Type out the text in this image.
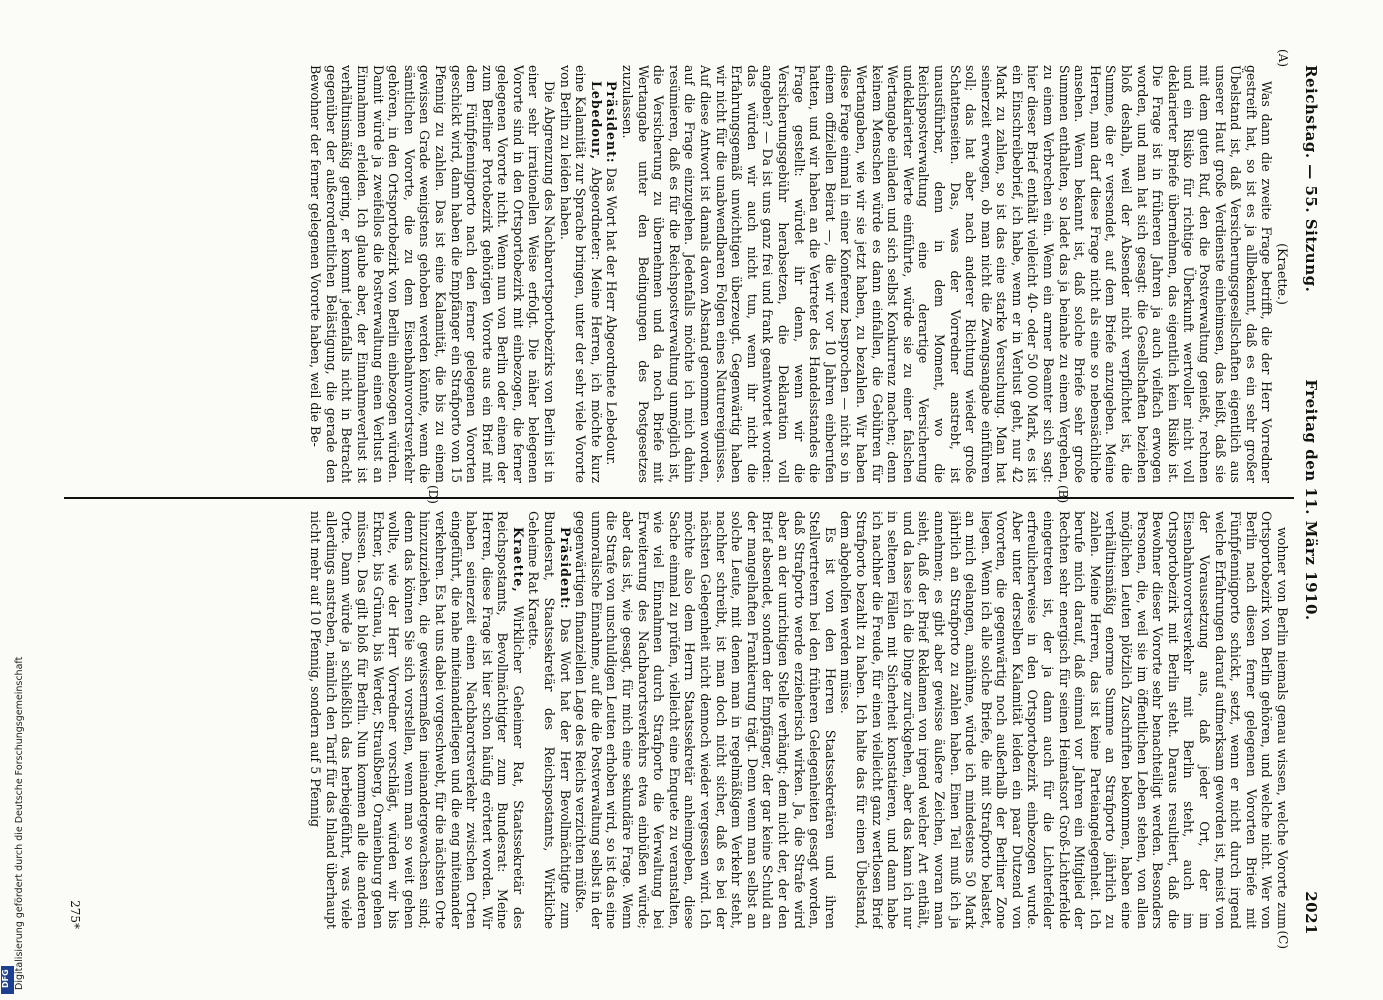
Digitalisierung gefördert durch die Deutsche Forschungsgemeinschaft
DFG
Reichstag. — 55. Sitzung.
Freitag den 11. März 1910.
2021
(A)
(C)

(Kraette.)

Was dann die zweite Frage betrifft, die der Herr Vorredner gestreift hat, so ist es ja allbekannt, daß es ein sehr großer Übelstand ist, daß Versicherungsgesellschaften eigentlich aus unserer Haut große Verdienste einheimsen, das heißt, daß sie mit dem guten Ruf, den die Postverwaltung genießt, rechnen und ein Risiko für richtige Überkunft wertvoller nicht voll deklarierter Briefe übernehmen, das eigentlich kein Risiko ist. Die Frage ist in früheren Jahren ja auch vielfach erwogen worden, und man hat sich gesagt: die Gesellschaften beziehen bloß deshalb, weil der Absender nicht verpflichtet ist, die Summe, die er versendet, auf dem Briefe anzugeben. Meine Herren, man darf diese Frage nicht als eine so nebensächliche ansehen. Wenn bekannt ist, daß solche Briefe sehr große Summen enthalten, so ladet das ja beinahe zu einem Vergehen, zu einem Verbrechen ein. Wenn ein armer Beamter sich sagt: hier dieser Brief enthält vielleicht 40- oder 50 000 Mark, es ist ein Einschreibebrief, ich habe, wenn er in Verlust geht, nur 42 Mark zu zahlen, so ist das eine starke Versuchung. Man hat seinerzeit erwogen, ob man nicht die Zwangsangabe einführen soll; das hat aber nach anderer Richtung wieder große Schattenseiten. Das, was der Vorredner anstrebt, ist unausführbar, denn in dem Moment, wo die Reichspostverwaltung eine derartige Versicherung undeklarierter Werte einführte, würde sie zu einer falschen Wertangabe einladen und sich selbst Konkurrenz machen; denn keinem Menschen würde es dann einfallen, die Gebühren für Wertangaben, wie wir sie jetzt haben, zu bezahlen. Wir haben diese Frage einmal in einer Konferenz besprochen — nicht so in einem offiziellen Beirat —, die wir vor 10 Jahren einberufen hatten, und wir haben an die Vertreter des Handelsstandes die Frage gestellt: würdet ihr denn, wenn wir die Versicherungsgebühr herabsetzen, die Deklaration voll angeben? — Da ist uns ganz frei und frank geantwortet worden: das würden wir auch nicht tun, wenn ihr nicht die Erfahrungsgemäß unwichtigen überzeugt. Gegenwärtig haben wir nicht für die unabwendbaren Folgen eines Naturereignisses. Auf diese Antwort ist damals davon Abstand genommen worden, auf die Frage einzugehen. Jedenfalls möchte ich mich dahin resümieren, daß es für die Reichspostverwaltung unmöglich ist, die Versicherung zu übernehmen und da noch Briefe mit Wertangabe unter den Bedingungen des Postgesetzes zuzulassen.

Präsident: Das Wort hat der Herr Abgeordnete Lebedour.

Lebedour, Abgeordneter: Meine Herren, ich möchte kurz eine Kalamität zur Sprache bringen, unter der sehr viele Vororte von Berlin zu leiden haben.

Die Abgrenzung des Nachbarortsportobezirks von Berlin ist in einer sehr irrationellen Weise erfolgt. Die näher belegenen Vororte sind in den Ortsportobezirk mit einbezogen, die ferner gelegenen Vororte nicht. Wenn nun von Berlin oder einem der zum Berliner Portobezirk gehörigen Vororte aus ein Brief mit dem Fünfpfennigporto nach den ferner gelegenen Vororten geschickt wird, dann haben die Empfänger ein Strafporto von 15 Pfennig zu zahlen. Das ist eine Kalamität, die bis zu einem gewissen Grade wenigstens gehoben werden könnte, wenn die sämtlichen Vororte, die zu dem Eisenbahnvorortsverkehr gehören, in den Ortsportobezirk von Berlin einbezogen würden. Damit würde ja zweifellos die Postverwaltung einen Verlust an Einnahmen erleiden. Ich glaube aber, der Einnahmeverlust ist verhältnismäßig gering, er kommt jedenfalls nicht in Betracht gegenüber der außerordentlichen Belästigung, die gerade den Bewohner der ferner gelegenen Vororte haben, weil die Be-

wohner von Berlin niemals genau wissen, welche Vororte zum Ortsportobezirk von Berlin gehören, und welche nicht. Wer von Berlin nach diesen ferner gelegenen Vororten Briefe mit Fünfpfennigporto schickt, setzt, wenn er nicht durch irgend welche Erfahrungen darauf aufmerksam geworden ist, meist von der Voraussetzung aus, daß jeder Ort, der im Eisenbahnvorortsverkehr mit Berlin steht, auch im Ortsportobezirk mit Berlin steht. Daraus resultiert, daß die Bewohner dieser Vororte sehr benachteiligt werden. Besonders Personen, die, weil sie im öffentlichen Leben stehen, von allen möglichen Leuten plötzlich Zuschriften bekommen, haben eine verhältnismäßig enorme Summe an Strafporto jährlich zu zahlen. Meine Herren, das ist keine Parteiangelegenheit. Ich berufe mich darauf, daß einmal vor Jahren ein Mitglied der Rechten sehr energisch für seinen Heimatsort Groß-Lichterfelde eingetreten ist, der ja dann auch für die Lichterfelder erfreulicherweise in den Ortsportobezirk einbezogen wurde. Aber unter derselben Kalamität leiden ein paar Dutzend von Vororten, die gegenwärtig noch außerhalb der Berliner Zone liegen. Wenn ich alle solche Briefe, die mit Strafporto belastet, an mich gelangen, annähme, würde ich mindestens 50 Mark jährlich an Strafporto zu zahlen haben. Einen Teil muß ich ja annehmen; es gibt aber gewisse äußere Zeichen, woran man sieht, daß der Brief Reklamen von irgend welcher Art enthält, und da lasse ich die Dinge zurückgehen, aber das kann ich nur in seltenen Fällen mit Sicherheit konstatieren, und dann habe ich nachher die Freude, für einen vielleicht ganz wertlosen Brief Strafporto bezahlt zu haben. Ich halte das für einen Übelstand, dem abgeholfen werden müsse.

Es ist von den Herren Staatssekretären und ihren Stellvertretern bei den früheren Gelegenheiten gesagt worden, daß Strafporto werde erzieherisch wirken. Ja, die Strafe wird aber an der unrichtigen Stelle verhängt; dem nicht der, der den Brief absendet, sondern der Empfänger, der gar keine Schuld an der mangelhaften Frankierung trägt. Denn wenn man selbst an solche Leute, mit denen man in regelmäßigem Verkehr steht, nachher schreibt, ist man doch nicht sicher, daß es bei der nächsten Gelegenheit nicht dennoch wieder vergessen wird. Ich möchte also dem Herrn Staatssekretär anheimgeben, diese Sache einmal zu prüfen, vielleicht eine Enquete zu veranstalten, wie viel Einnahmen durch Strafporto die Verwaltung bei Erweiterung des Nachbarortsverkehrs etwa einbüßen würde; aber das ist, wie gesagt, für mich eine sekundäre Frage. Wenn die Strafe von unschuldigen Leuten erhoben wird, so ist das eine unmoralische Einnahme, auf die die Postverwaltung selbst in der gegenwärtigen finanziellen Lage des Reichs verzichten müßte.

Präsident: Das Wort hat der Herr Bevollmächtigte zum Bundesrat, Staatssekretär des Reichspostamts, Wirkliche Geheime Rat Kraette.

Kraette, Wirklicher Geheimer Rat, Staatssekretär des Reichspostamts, Bevollmächtigter zum Bundesrat: Meine Herren, diese Frage ist hier schon häufig erörtert worden. Wir haben seinerzeit einen Nachbarortsverkehr zwischen Orten eingeführt, die nahe miteinanderliegen und die eng miteinander verkehren. Es hat uns dabei vorgeschwebt, für die nächsten Orte hinzuzuziehen, die gewissermaßen ineinandergewachsen sind; denn das können Sie sich vorstellen, wenn man so weit gehen wollte, wie der Herr Vorredner vorschlägt, würden wir bis Erkner, bis Grünau, bis Werder, Straußberg, Oranienburg gehen müssen. Das gilt bloß für Berlin. Nun kommen alle die anderen Orte. Dann würde ja schließlich das herbeigeführt, was viele allerdings anstreben, nämlich den Tarif für das Inland überhaupt nicht mehr auf 10 Pfennig, sondern auf 5 Pfennig

(B)
(D)
275*
